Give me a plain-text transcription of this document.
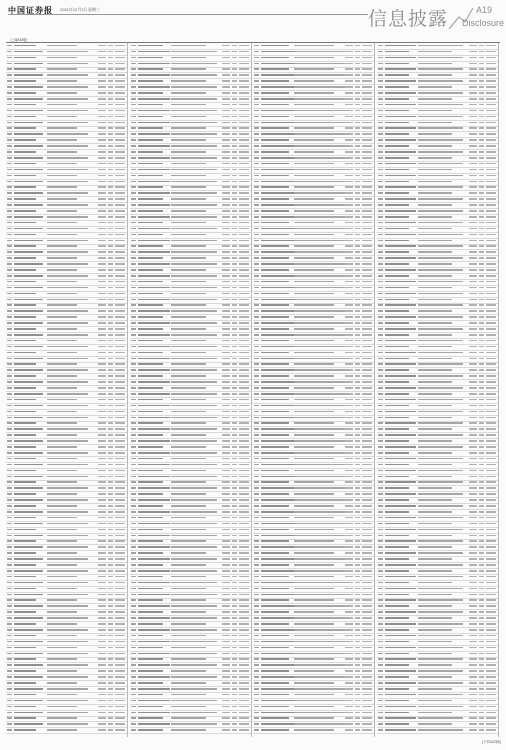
中国证券报 2021年12月2日 星期三	信息披露	A19
Disclosure
（上接A18版）
(下转A20版)
